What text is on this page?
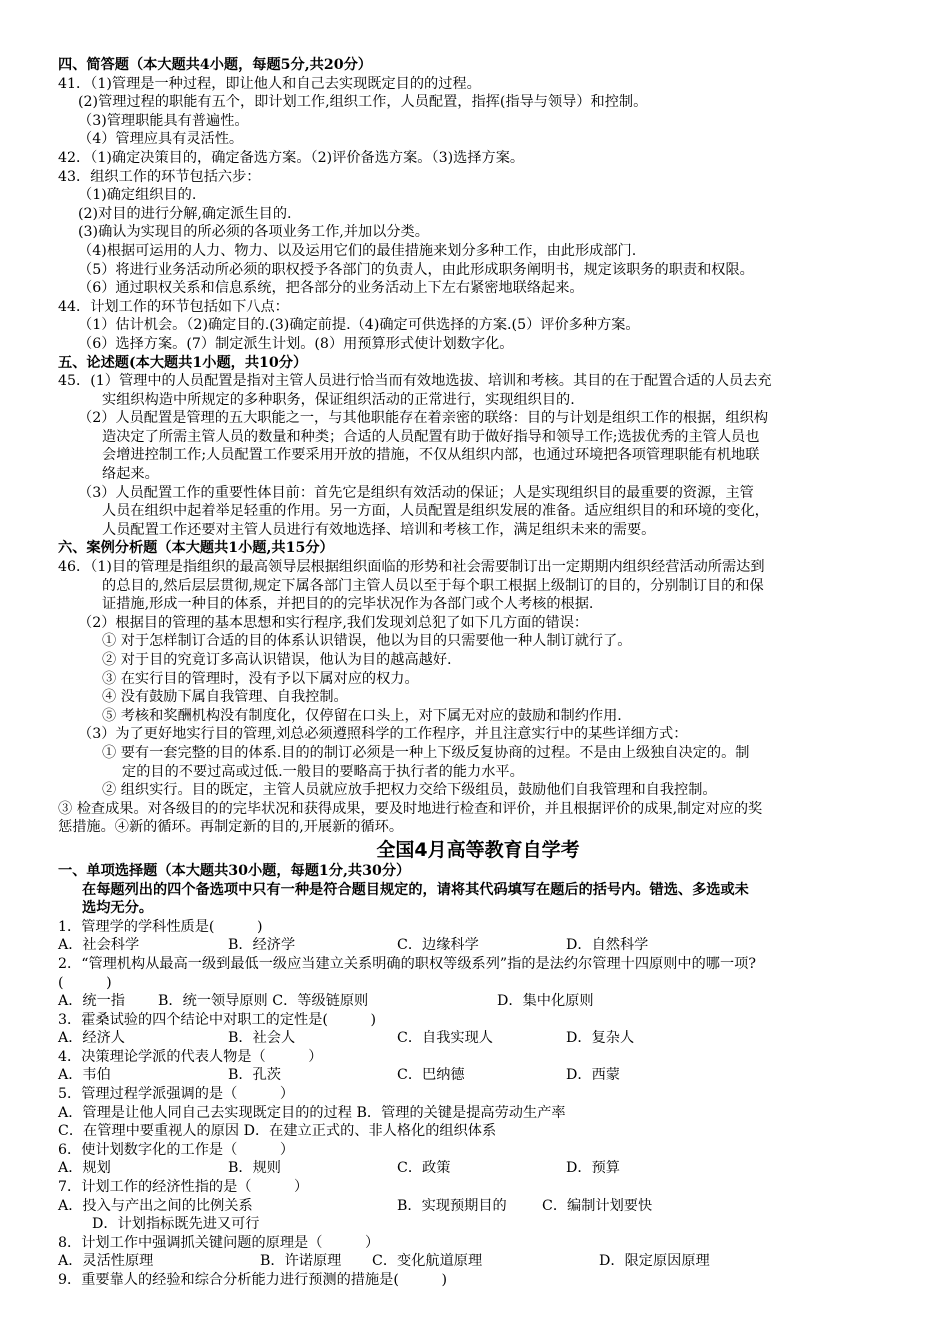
四、简答题（本大题共4小题，每题5分,共20分）
41．（1)管理是一种过程，即让他人和自己去实现既定目的的过程。
(2)管理过程的职能有五个，即计划工作,组织工作，人员配置，指挥(指导与领导）和控制。
（3)管理职能具有普遍性。
（4）管理应具有灵活性。
42．（1)确定决策目的，确定备选方案。（2)评价备选方案。（3)选择方案。
43．组织工作的环节包括六步：
（1)确定组织目的.
(2)对目的进行分解,确定派生目的.
(3)确认为实现目的所必须的各项业务工作,并加以分类。
（4)根据可运用的人力、物力、以及运用它们的最佳措施来划分多种工作，由此形成部门.
（5）将进行业务活动所必须的职权授予各部门的负责人，由此形成职务阐明书，规定该职务的职责和权限。
（6）通过职权关系和信息系统，把各部分的业务活动上下左右紧密地联络起来。
44．计划工作的环节包括如下八点：
（1）估计机会。（2)确定目的.(3)确定前提.（4)确定可供选择的方案.(5）评价多种方案。
（6）选择方案。(7）制定派生计划。(8）用预算形式使计划数字化。
五、论述题(本大题共1小题，共10分）
45．(1）管理中的人员配置是指对主管人员进行恰当而有效地选拔、培训和考核。其目的在于配置合适的人员去充
实组织构造中所规定的多种职务，保证组织活动的正常进行，实现组织目的.
（2）人员配置是管理的五大职能之一，与其他职能存在着亲密的联络：目的与计划是组织工作的根据，组织构
造决定了所需主管人员的数量和种类；合适的人员配置有助于做好指导和领导工作;选拔优秀的主管人员也
会增进控制工作;人员配置工作要采用开放的措施，不仅从组织内部，也通过环境把各项管理职能有机地联
络起来。
（3）人员配置工作的重要性体目前：首先它是组织有效活动的保证；人是实现组织目的最重要的资源，主管
人员在组织中起着举足轻重的作用。另一方面，人员配置是组织发展的准备。适应组织目的和环境的变化，
人员配置工作还要对主管人员进行有效地选择、培训和考核工作，满足组织未来的需要。
六、案例分析题（本大题共1小题,共15分）
46．（1)目的管理是指组织的最高领导层根据组织面临的形势和社会需要制订出一定期期内组织经营活动所需达到
的总目的,然后层层贯彻,规定下属各部门主管人员以至于每个职工根据上级制订的目的，分别制订目的和保
证措施,形成一种目的体系，并把目的的完毕状况作为各部门或个人考核的根据.
（2）根据目的管理的基本思想和实行程序,我们发现刘总犯了如下几方面的错误：
① 对于怎样制订合适的目的体系认识错误，他以为目的只需要他一种人制订就行了。
② 对于目的究竟订多高认识错误，他认为目的越高越好.
③ 在实行目的管理时，没有予以下属对应的权力。
④ 没有鼓励下属自我管理、自我控制。
⑤ 考核和奖酬机构没有制度化，仅停留在口头上，对下属无对应的鼓励和制约作用.
（3）为了更好地实行目的管理,刘总必须遵照科学的工作程序，并且注意实行中的某些详细方式：
① 要有一套完整的目的体系.目的的制订必须是一种上下级反复协商的过程。不是由上级独自决定的。制
定的目的不要过高或过低.一般目的要略高于执行者的能力水平。
② 组织实行。目的既定，主管人员就应放手把权力交给下级组员，鼓励他们自我管理和自我控制。
③ 检查成果。对各级目的的完毕状况和获得成果，要及时地进行检查和评价，并且根据评价的成果,制定对应的奖
惩措施。④新的循环。再制定新的目的,开展新的循环。
全国4月高等教育自学考
一、单项选择题（本大题共30小题，每题1分,共30分）
在每题列出的四个备选项中只有一种是符合题目规定的，请将其代码填写在题后的括号内。错选、多选或未
选均无分。
1．管理学的学科性质是(　　　)
A．社会科学	B．经济学	C．边缘科学	D．自然科学
2．“管理机构从最高一级到最低一级应当建立关系明确的职权等级系列”指的是法约尔管理十四原则中的哪一项?
(　　　)
A．统一指	B．统一领导原则 C．等级链原则	D．集中化原则
3．霍桑试验的四个结论中对职工的定性是(　　　)
A．经济人	B．社会人	C．自我实现人	D．复杂人
4．决策理论学派的代表人物是（　　　）
A．韦伯	B．孔茨	C．巴纳德	D．西蒙
5．管理过程学派强调的是（　　　）
A．管理是让他人同自己去实现既定目的的过程 B．管理的关键是提高劳动生产率
C．在管理中要重视人的原因 D．在建立正式的、非人格化的组织体系
6．使计划数字化的工作是（　　　）
A．规划	B．规则	C．政策	D．预算
7．计划工作的经济性指的是（　　　）
A．投入与产出之间的比例关系	B．实现预期目的	C．编制计划要快
D．计划指标既先进又可行
8．计划工作中强调抓关键问题的原理是（　　　）
A．灵活性原理	B．许诺原理	C．变化航道原理	D．限定原因原理
9．重要靠人的经验和综合分析能力进行预测的措施是(　　　)
